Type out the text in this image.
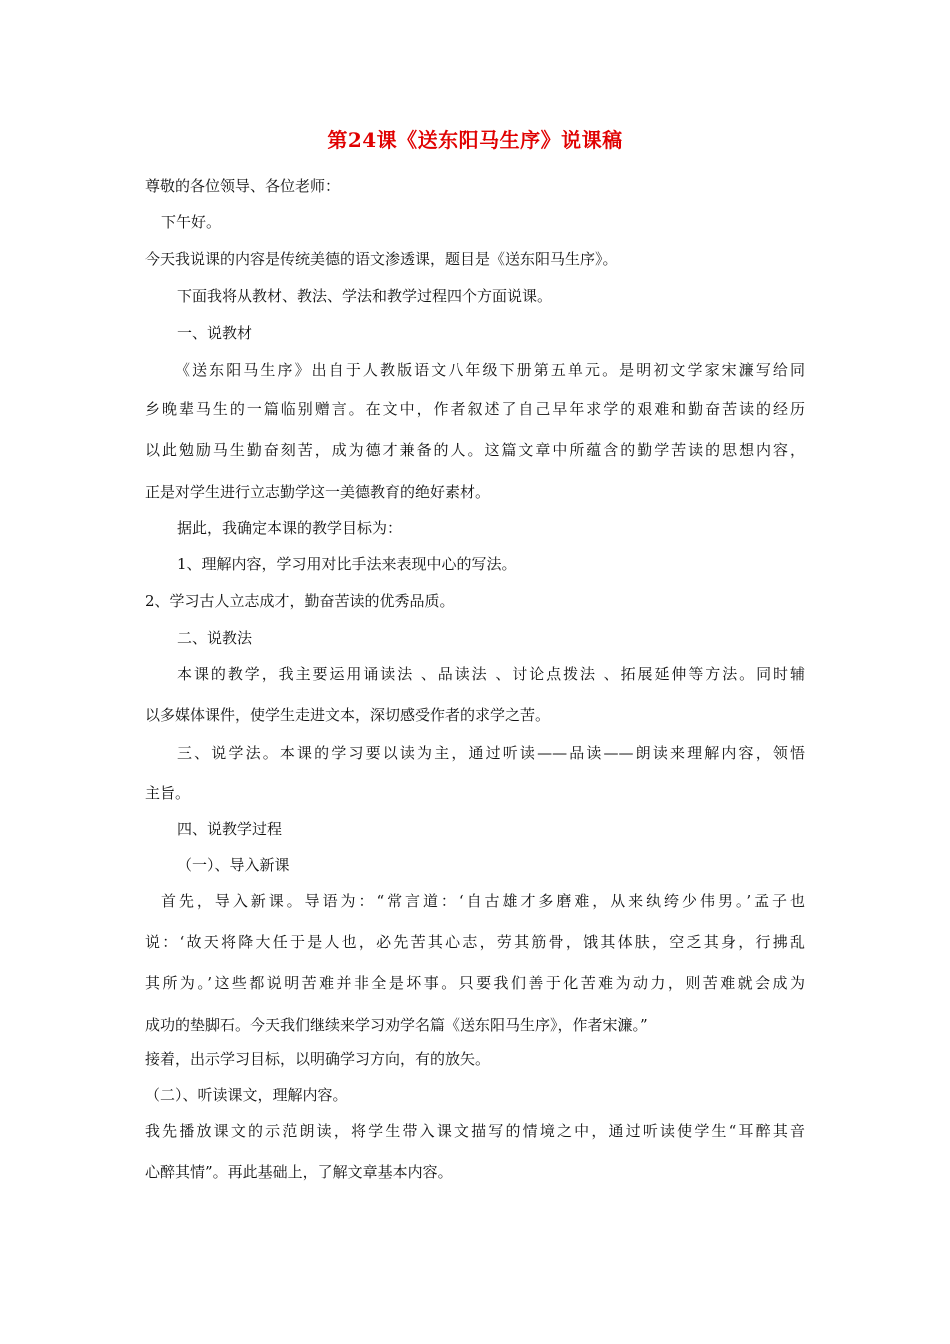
第24课《送东阳马生序》说课稿
尊敬的各位领导、各位老师：
下午好。
今天我说课的内容是传统美德的语文渗透课，题目是《送东阳马生序》。
下面我将从教材、教法、学法和教学过程四个方面说课。
一、说教材
《送东阳马生序》出自于人教版语文八年级下册第五单元。是明初文学家宋濂写给同
乡晚辈马生的一篇临别赠言。在文中，作者叙述了自己早年求学的艰难和勤奋苦读的经历
以此勉励马生勤奋刻苦，成为德才兼备的人。这篇文章中所蕴含的勤学苦读的思想内容，
正是对学生进行立志勤学这一美德教育的绝好素材。
据此，我确定本课的教学目标为：
1、理解内容，学习用对比手法来表现中心的写法。
2、学习古人立志成才，勤奋苦读的优秀品质。
二、说教法
本课的教学，我主要运用诵读法 、品读法 、讨论点拨法 、拓展延伸等方法。同时辅
以多媒体课件，使学生走进文本，深切感受作者的求学之苦。
三、说学法。本课的学习要以读为主，通过听读——品读——朗读来理解内容，领悟
主旨。
四、说教学过程
（一）、导入新课
首先，导入新课。导语为：“常言道：‘自古雄才多磨难，从来纨绔少伟男。’孟子也
说：‘故天将降大任于是人也，必先苦其心志，劳其筋骨，饿其体肤，空乏其身，行拂乱
其所为。’这些都说明苦难并非全是坏事。只要我们善于化苦难为动力，则苦难就会成为
成功的垫脚石。今天我们继续来学习劝学名篇《送东阳马生序》，作者宋濂。”
接着，出示学习目标，以明确学习方向，有的放矢。
（二）、听读课文，理解内容。
我先播放课文的示范朗读，将学生带入课文描写的情境之中，通过听读使学生“耳醉其音
心醉其情”。再此基础上，了解文章基本内容。
